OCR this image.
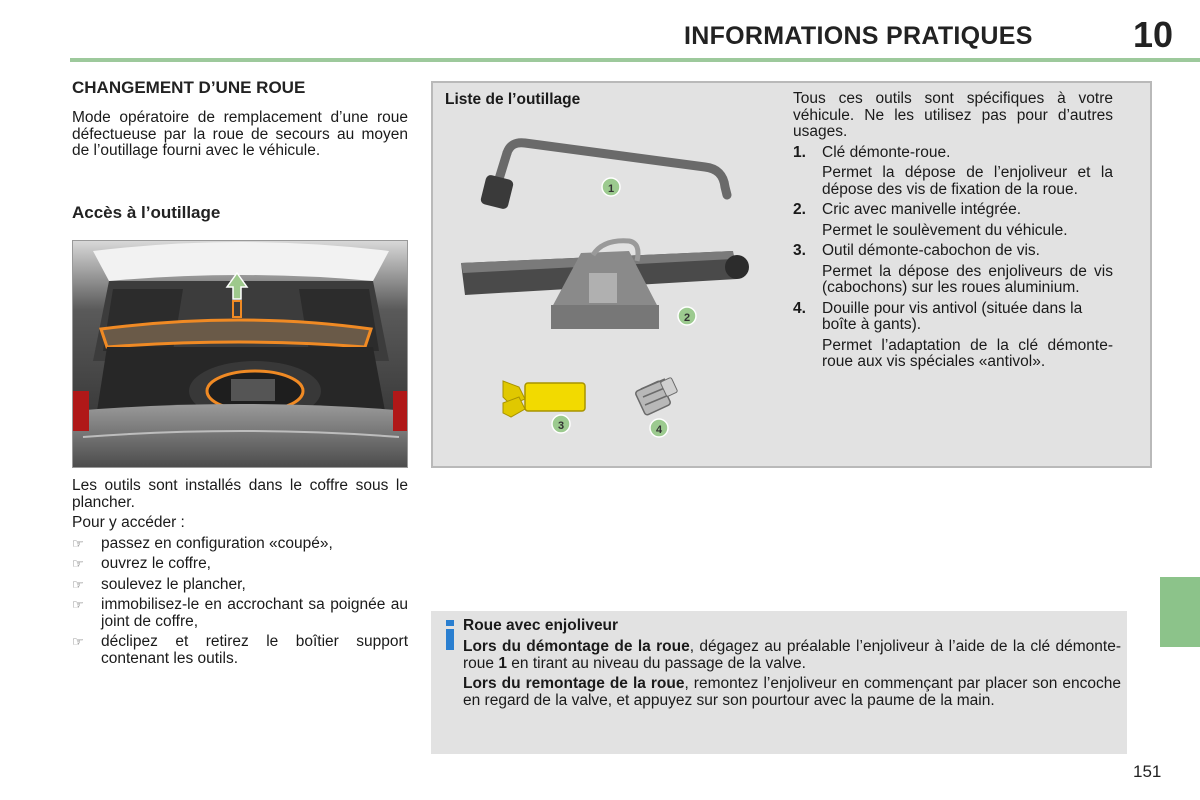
INFORMATIONS PRATIQUES	10
CHANGEMENT D’UNE ROUE

Mode opératoire de remplacement d’une roue défectueuse par la roue de secours au moyen de l’outillage fourni avec le véhicule.

Accès à l’outillage

Les outils sont installés dans le coffre sous le plancher.

Pour y accéder :

☞ passez en configuration «coupé»,
☞ ouvrez le coffre,
☞ soulevez le plancher,
☞ immobilisez-le en accrochant sa poignée au joint de coffre,
☞ déclipez et retirez le boîtier support contenant les outils.
Liste de l’outillage
1
2
3	4

Tous ces outils sont spécifiques à votre véhicule. Ne les utilisez pas pour d’autres usages.

1.	Clé démonte-roue.

Permet la dépose de l’enjoliveur et la dépose des vis de fixation de la roue.

2.	Cric avec manivelle intégrée.

Permet le soulèvement du véhicule.

3.	Outil démonte-cabochon de vis.

Permet la dépose des enjoliveurs de vis (cabochons) sur les roues aluminium.

4.	Douille pour vis antivol (située dans la boîte à gants).

Permet l’adaptation de la clé démonte-roue aux vis spéciales «antivol».

Roue avec enjoliveur

Lors du démontage de la roue, dégagez au préalable l’enjoliveur à l’aide de la clé démonte-roue 1 en tirant au niveau du passage de la valve.

Lors du remontage de la roue, remontez l’enjoliveur en commençant par placer son encoche en regard de la valve, et appuyez sur son pourtour avec la paume de la main.

151
